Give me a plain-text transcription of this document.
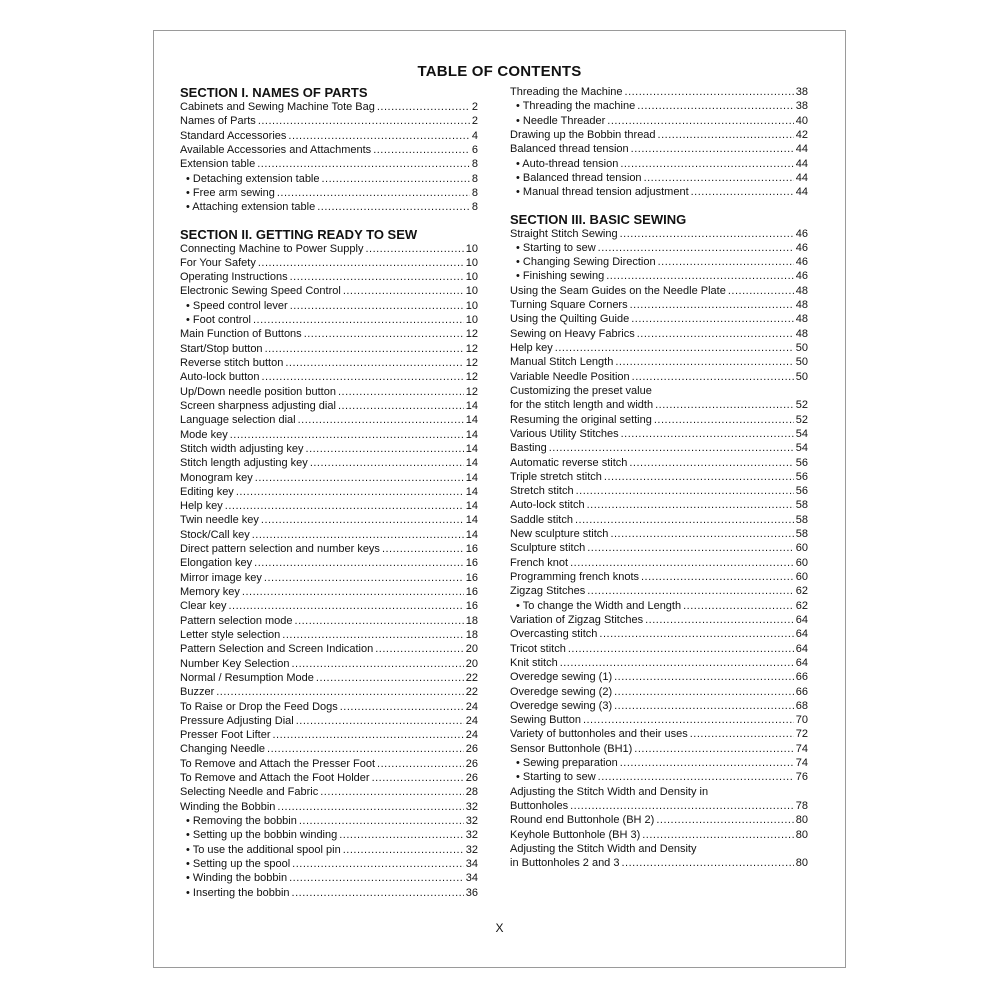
TABLE OF CONTENTS
SECTION I. NAMES OF PARTS
Cabinets and Sewing Machine Tote Bag .....	2
Names of Parts .....	2
Standard Accessories .....	4
Available Accessories and Attachments .....	6
Extension table .....	8
• Detaching extension table .....	8
• Free arm sewing .....	8
• Attaching extension table .....	8
SECTION II. GETTING READY TO SEW
Connecting Machine to Power Supply .....	10
For Your Safety .....	10
Operating Instructions .....	10
Electronic Sewing Speed Control .....	10
• Speed control lever .....	10
• Foot control .....	10
Main Function of Buttons .....	12
Start/Stop button .....	12
Reverse stitch button .....	12
Auto-lock button .....	12
Up/Down needle position button .....	12
Screen sharpness adjusting dial .....	14
Language selection dial .....	14
Mode key .....	14
Stitch width adjusting key .....	14
Stitch length adjusting key .....	14
Monogram key .....	14
Editing key .....	14
Help key .....	14
Twin needle key .....	14
Stock/Call key .....	14
Direct pattern selection and number keys .....	16
Elongation key .....	16
Mirror image key .....	16
Memory key .....	16
Clear key .....	16
Pattern selection mode .....	18
Letter style selection .....	18
Pattern Selection and Screen Indication .....	20
Number Key Selection .....	20
Normal / Resumption Mode .....	22
Buzzer .....	22
To Raise or Drop the Feed Dogs .....	24
Pressure Adjusting Dial .....	24
Presser Foot Lifter .....	24
Changing Needle .....	26
To Remove and Attach the Presser Foot .....	26
To Remove and Attach the Foot Holder .....	26
Selecting Needle and Fabric .....	28
Winding the Bobbin .....	32
• Removing the bobbin .....	32
• Setting up the bobbin winding .....	32
• To use the additional spool pin .....	32
• Setting up the spool .....	34
• Winding the bobbin .....	34
• Inserting the bobbin .....	36
Threading the Machine .....	38
• Threading the machine .....	38
• Needle Threader .....	40
Drawing up the Bobbin thread .....	42
Balanced thread tension .....	44
• Auto-thread tension .....	44
• Balanced thread tension .....	44
• Manual thread tension adjustment .....	44
SECTION III. BASIC SEWING
Straight Stitch Sewing .....	46
• Starting to sew .....	46
• Changing Sewing Direction .....	46
• Finishing sewing .....	46
Using the Seam Guides on the Needle Plate .....	48
Turning Square Corners .....	48
Using the Quilting Guide .....	48
Sewing on Heavy Fabrics .....	48
Help key .....	50
Manual Stitch Length .....	50
Variable Needle Position .....	50
Customizing the preset value
for the stitch length and width .....	52
Resuming the original setting .....	52
Various Utility Stitches .....	54
Basting .....	54
Automatic reverse stitch .....	56
Triple stretch stitch .....	56
Stretch stitch .....	56
Auto-lock stitch .....	58
Saddle stitch .....	58
New sculpture stitch .....	58
Sculpture stitch .....	60
French knot .....	60
Programming french knots .....	60
Zigzag Stitches .....	62
• To change the Width and Length .....	62
Variation of Zigzag Stitches .....	64
Overcasting stitch .....	64
Tricot stitch .....	64
Knit stitch .....	64
Overedge sewing (1) .....	66
Overedge sewing (2) .....	66
Overedge sewing (3) .....	68
Sewing Button .....	70
Variety of buttonholes and their uses .....	72
Sensor Buttonhole (BH1) .....	74
• Sewing preparation .....	74
• Starting to sew .....	76
Adjusting the Stitch Width and Density in
Buttonholes .....	78
Round end Buttonhole (BH 2) .....	80
Keyhole Buttonhole (BH 3) .....	80
Adjusting the Stitch Width and Density
in Buttonholes 2 and 3 .....	80
X
